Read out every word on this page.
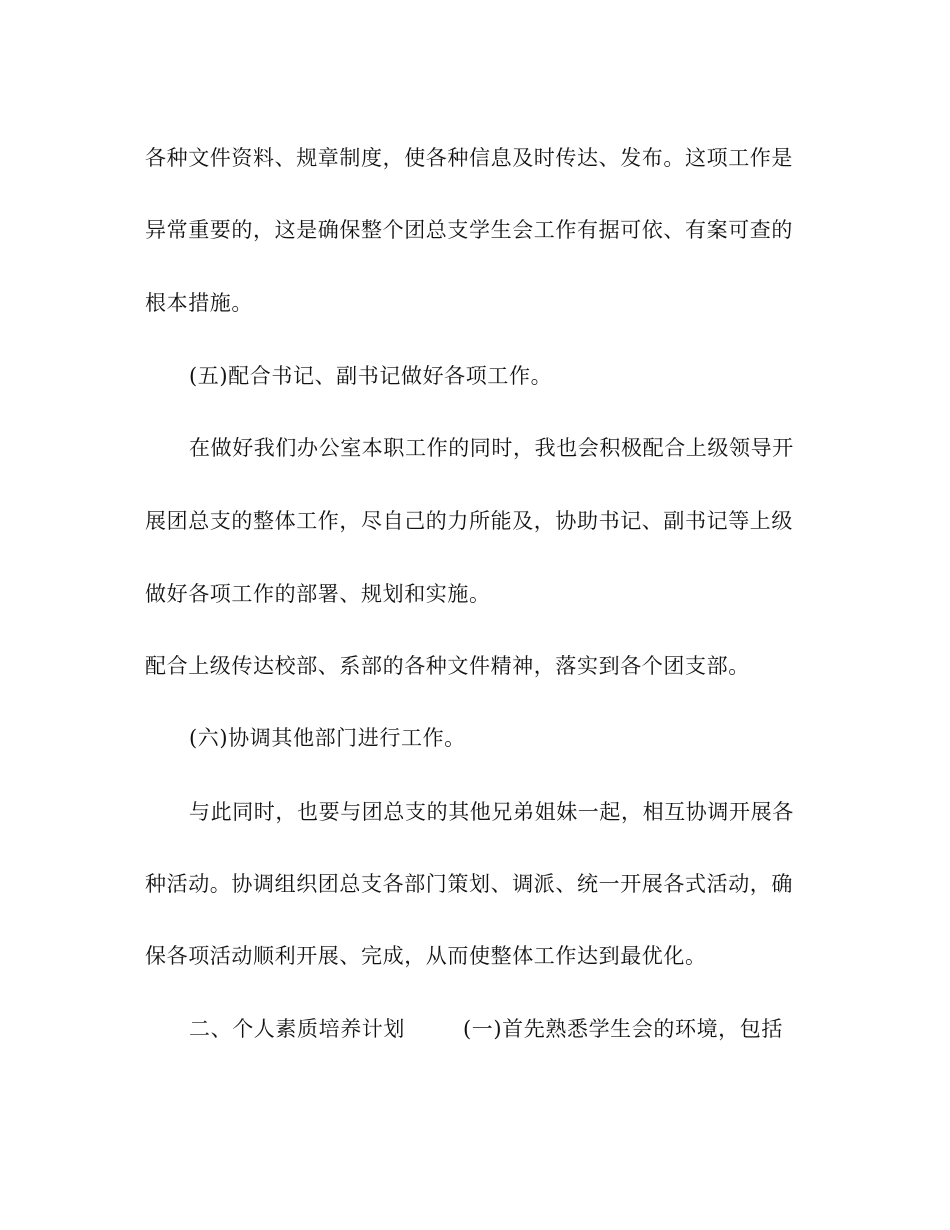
各种文件资料、规章制度，使各种信息及时传达、发布。这项工作是
异常重要的，这是确保整个团总支学生会工作有据可依、有案可查的
根本措施。
(五)配合书记、副书记做好各项工作。
在做好我们办公室本职工作的同时，我也会积极配合上级领导开
展团总支的整体工作，尽自己的力所能及，协助书记、副书记等上级
做好各项工作的部署、规划和实施。
配合上级传达校部、系部的各种文件精神，落实到各个团支部。
(六)协调其他部门进行工作。
与此同时，也要与团总支的其他兄弟姐妹一起，相互协调开展各
种活动。协调组织团总支各部门策划、调派、统一开展各式活动，确
保各项活动顺利开展、完成，从而使整体工作达到最优化。
二、个人素质培养计划	(一)首先熟悉学生会的环境，包括
